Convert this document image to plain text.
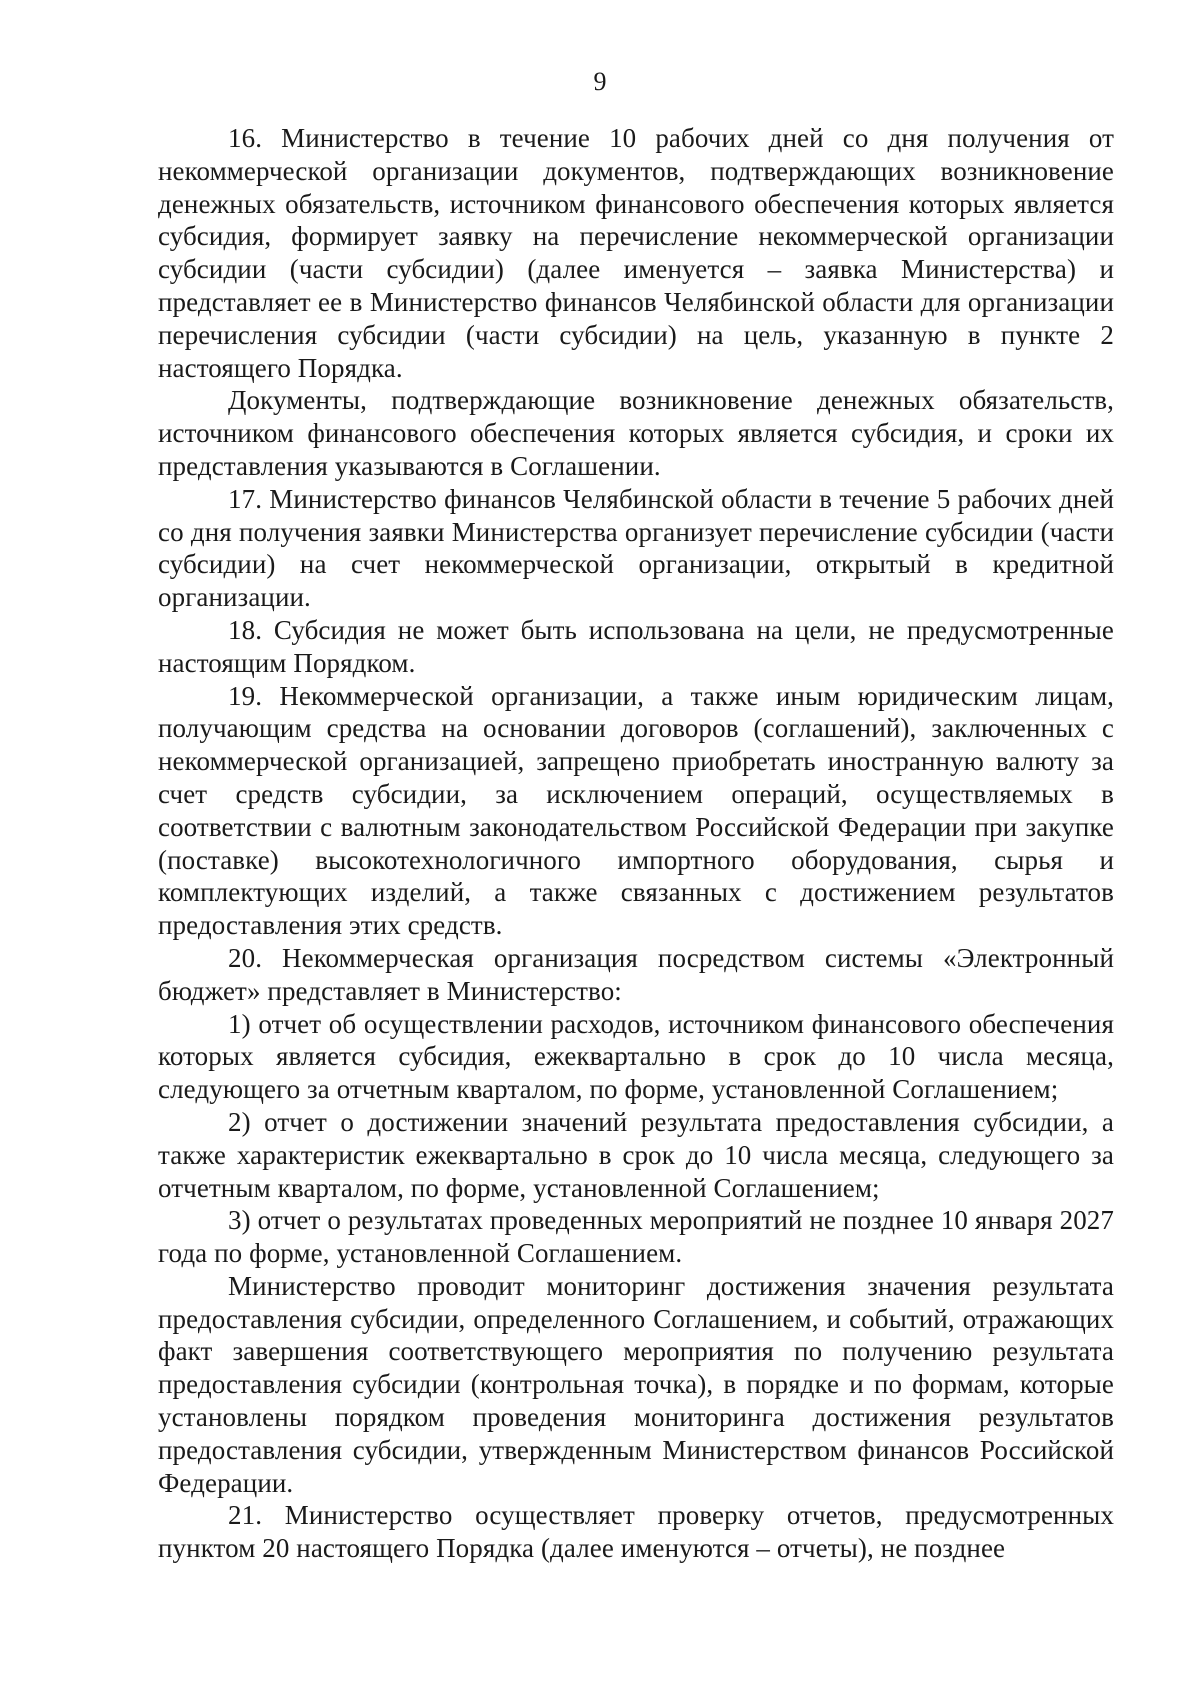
9

16. Министерство в течение 10 рабочих дней со дня получения от некоммерческой организации документов, подтверждающих возникновение денежных обязательств, источником финансового обеспечения которых является субсидия, формирует заявку на перечисление некоммерческой организации субсидии (части субсидии) (далее именуется – заявка Министерства) и представляет ее в Министерство финансов Челябинской области для организации перечисления субсидии (части субсидии) на цель, указанную в пункте 2 настоящего Порядка.

Документы, подтверждающие возникновение денежных обязательств, источником финансового обеспечения которых является субсидия, и сроки их представления указываются в Соглашении.

17. Министерство финансов Челябинской области в течение 5 рабочих дней со дня получения заявки Министерства организует перечисление субсидии (части субсидии) на счет некоммерческой организации, открытый в кредитной организации.

18. Субсидия не может быть использована на цели, не предусмотренные настоящим Порядком.

19. Некоммерческой организации, а также иным юридическим лицам, получающим средства на основании договоров (соглашений), заключенных с некоммерческой организацией, запрещено приобретать иностранную валюту за счет средств субсидии, за исключением операций, осуществляемых в соответствии с валютным законодательством Российской Федерации при закупке (поставке) высокотехнологичного импортного оборудования, сырья и комплектующих изделий, а также связанных с достижением результатов предоставления этих средств.

20. Некоммерческая организация посредством системы «Электронный бюджет» представляет в Министерство:

1) отчет об осуществлении расходов, источником финансового обеспечения которых является субсидия, ежеквартально в срок до 10 числа месяца, следующего за отчетным кварталом, по форме, установленной Соглашением;

2) отчет о достижении значений результата предоставления субсидии, а также характеристик ежеквартально в срок до 10 числа месяца, следующего за отчетным кварталом, по форме, установленной Соглашением;

3) отчет о результатах проведенных мероприятий не позднее 10 января 2027 года по форме, установленной Соглашением.

Министерство проводит мониторинг достижения значения результата предоставления субсидии, определенного Соглашением, и событий, отражающих факт завершения соответствующего мероприятия по получению результата предоставления субсидии (контрольная точка), в порядке и по формам, которые установлены порядком проведения мониторинга достижения результатов предоставления субсидии, утвержденным Министерством финансов Российской Федерации.

21. Министерство осуществляет проверку отчетов, предусмотренных пунктом 20 настоящего Порядка (далее именуются – отчеты), не позднее
